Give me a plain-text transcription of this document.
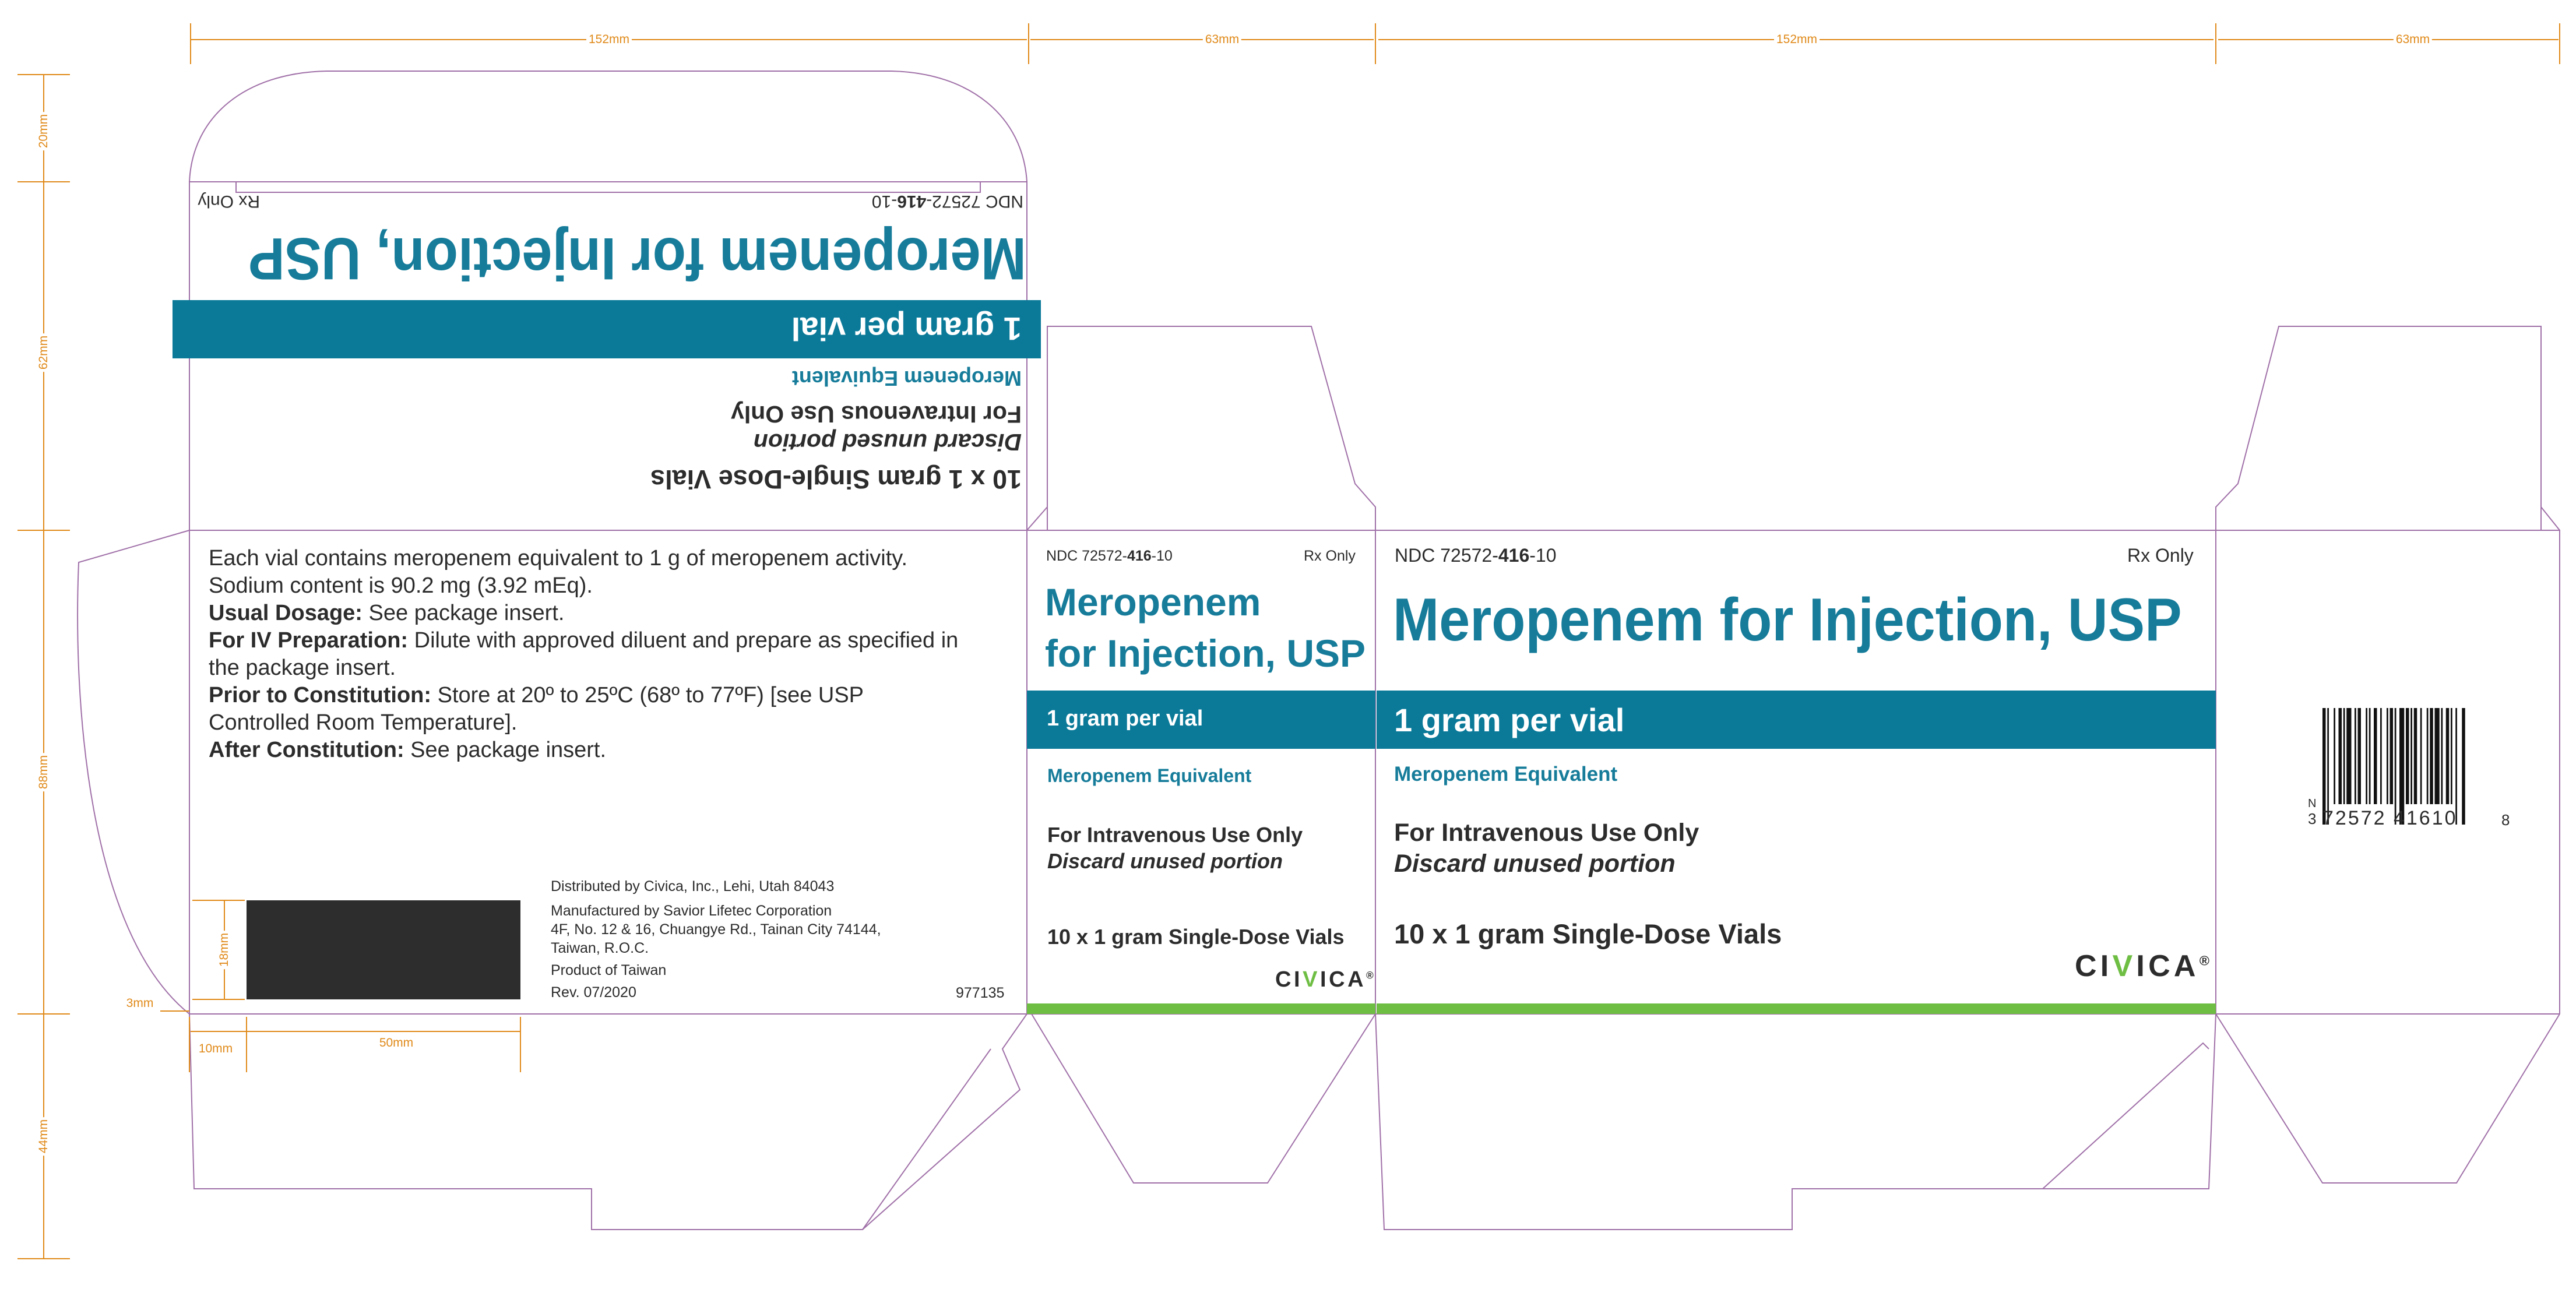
152mm	63mm	152mm	63mm
20mm
62mm
88mm
44mm
18mm
50mm
10mm
3mm
NDC 72572-416-10
Rx Only
Meropenem for Injection, USP
1 gram per vial
Meropenem Equivalent
For Intravenous Use Only
Discard unused portion
10 x 1 gram Single-Dose Vials

Each vial contains meropenem equivalent to 1 g of meropenem activity.

Sodium content is 90.2 mg (3.92 mEq).

Usual Dosage: See package insert.

For IV Preparation: Dilute with approved diluent and prepare as specified in the package insert.

Prior to Constitution: Store at 20º to 25ºC (68º to 77ºF) [see USP Controlled Room Temperature].

After Constitution: See package insert.

Distributed by Civica, Inc., Lehi, Utah 84043
Manufactured by Savior Lifetec Corporation
4F, No. 12 & 16, Chuangye Rd., Tainan City 74144,
Taiwan, R.O.C.
Product of Taiwan
Rev. 07/2020	977135
NDC 72572-416-10	Rx Only
Meropenem
for Injection, USP
1 gram per vial
Meropenem Equivalent
For Intravenous Use Only
Discard unused portion
10 x 1 gram Single-Dose Vials
CIVICA®
NDC 72572-416-10	Rx Only
Meropenem for Injection, USP
1 gram per vial
Meropenem Equivalent
For Intravenous Use Only
Discard unused portion
10 x 1 gram Single-Dose Vials
CIVICA®
N
3 72572 41610	8
